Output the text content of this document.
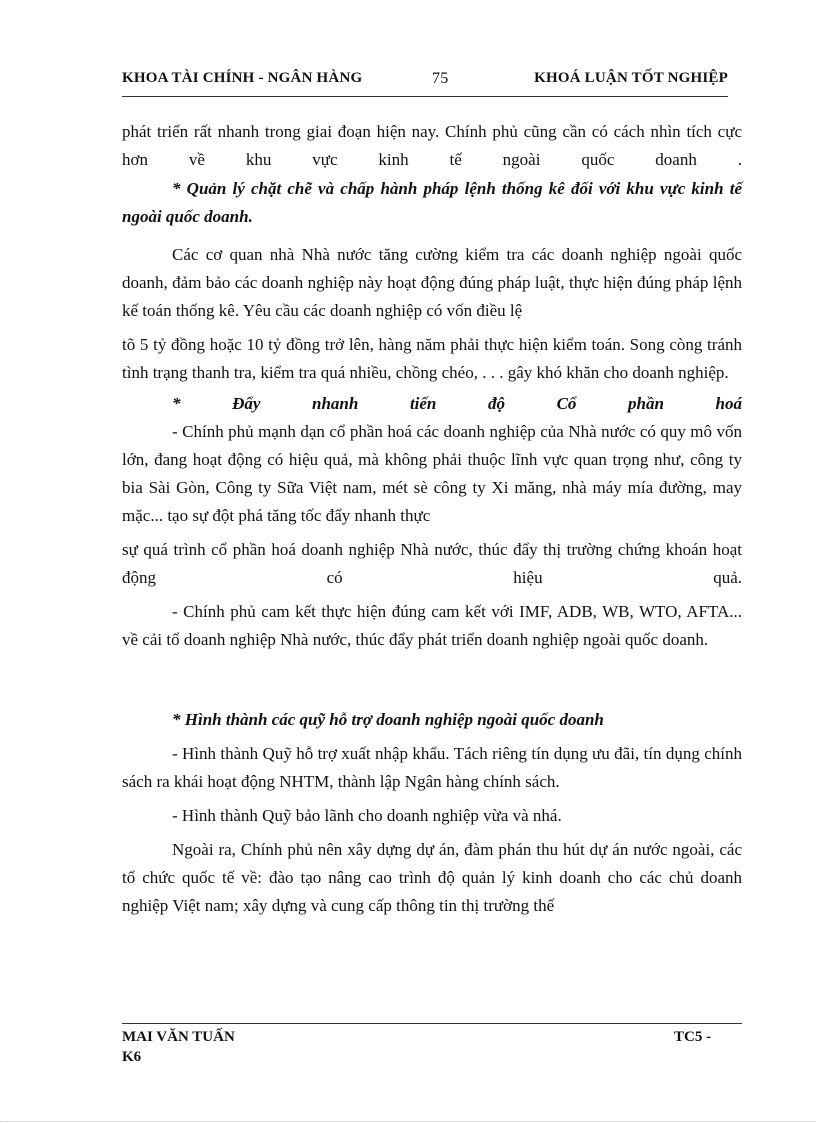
KHOA TÀI CHÍNH - NGÂN HÀNG	75	KHOÁ LUẬN TỐT NGHIỆP

phát triển rất nhanh trong giai đoạn hiện nay. Chính phủ cũng cần có cách nhìn tích cực hơn về khu vực kinh tế ngoài quốc doanh .

* Quản lý chặt chẽ và chấp hành pháp lệnh thống kê đối với khu vực kinh tế ngoài quốc doanh.

Các cơ quan nhà Nhà nước tăng cường kiểm tra các doanh nghiệp ngoài quốc doanh, đảm bảo các doanh nghiệp này hoạt động đúng pháp luật, thực hiện đúng pháp lệnh kế toán thống kê. Yêu cầu các doanh nghiệp có vốn điều lệ

tõ 5 tỷ đồng hoặc 10 tỷ đồng trở lên, hàng năm phải thực hiện kiểm toán. Song còng tránh tình trạng thanh tra, kiểm tra quá nhiều, chồng chéo, . . . gây khó khăn cho doanh nghiệp.

* Đẩy nhanh tiến độ Cổ phần hoá

- Chính phủ mạnh dạn cổ phần hoá các doanh nghiệp của Nhà nước có quy mô vốn lớn, đang hoạt động có hiệu quả, mà không phải thuộc lĩnh vực quan trọng như, công ty bia Sài Gòn, Công ty Sữa Việt nam, mét sè công ty Xi măng, nhà máy mía đường, may mặc... tạo sự đột phá tăng tốc đẩy nhanh thực

sự quá trình cổ phần hoá doanh nghiệp Nhà nước, thúc đẩy thị trường chứng khoán hoạt động có hiệu quả.

- Chính phủ cam kết thực hiện đúng cam kết với IMF, ADB, WB, WTO, AFTA... về cải tổ doanh nghiệp Nhà nước, thúc đẩy phát triển doanh nghiệp ngoài quốc doanh.

* Hình thành các quỹ hỗ trợ doanh nghiệp ngoài quốc doanh

- Hình thành Quỹ hỗ trợ xuất nhập khẩu. Tách riêng tín dụng ưu đãi, tín dụng chính sách ra khái hoạt động NHTM, thành lập Ngân hàng chính sách.

- Hình thành Quỹ bảo lãnh cho doanh nghiệp vừa và nhá.

Ngoài ra, Chính phủ nên xây dựng dự án, đàm phán thu hút dự án nước ngoài, các tổ chức quốc tế về: đào tạo nâng cao trình độ quản lý kinh doanh cho các chủ doanh nghiệp Việt nam; xây dựng và cung cấp thông tin thị trường thế

MAI VĂN TUẤN
K6
TC5 -
